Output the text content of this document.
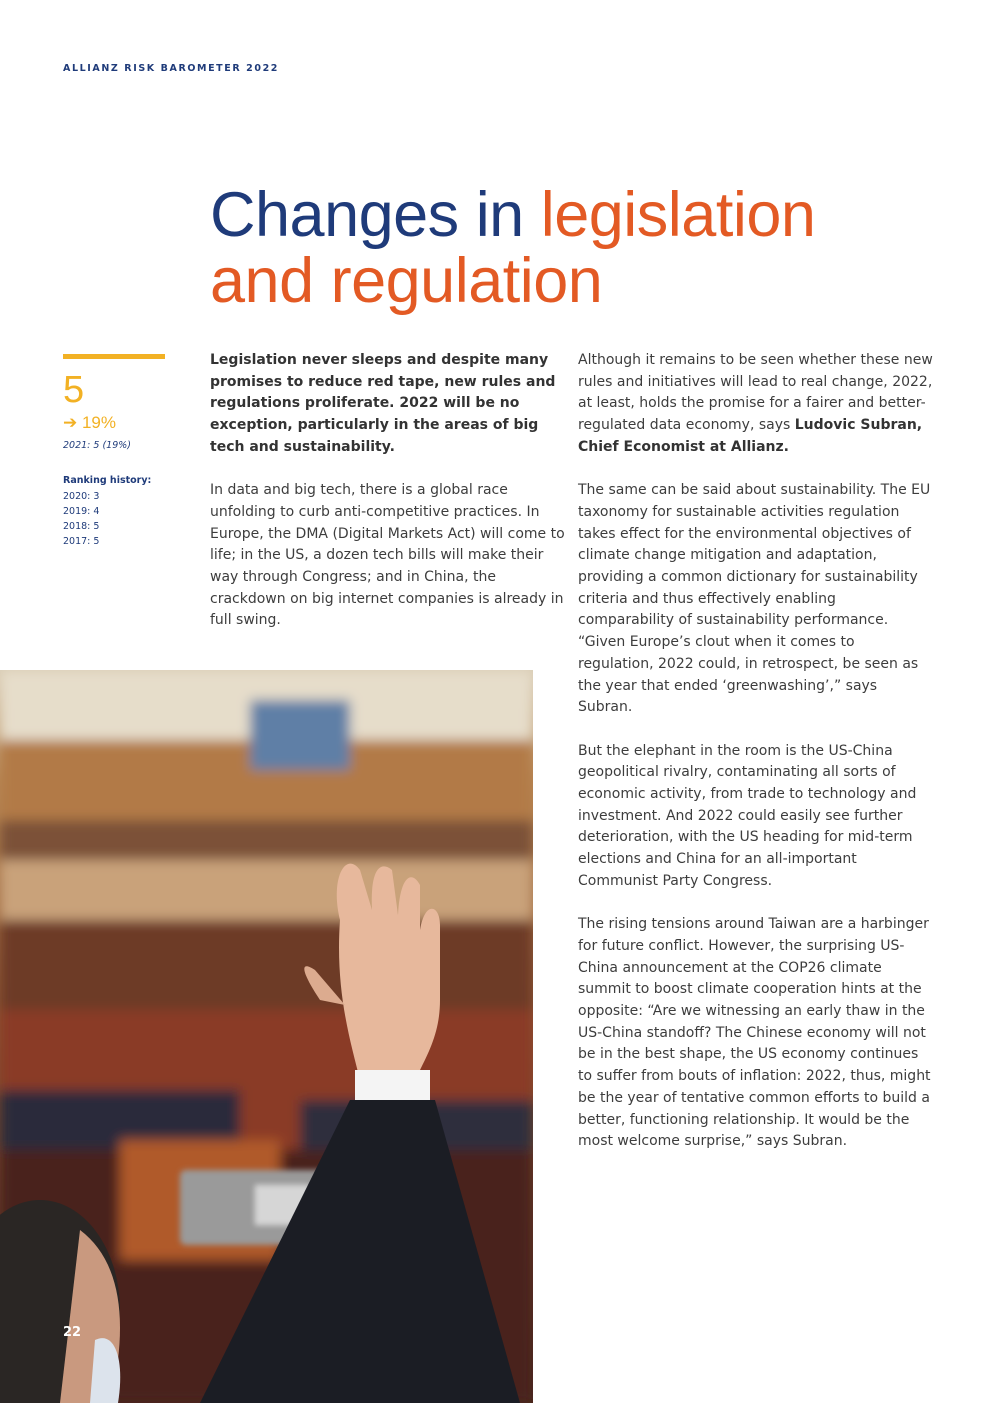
ALLIANZ RISK BAROMETER 2022
Changes in legislation
and regulation
5
➔ 19%
2021: 5 (19%)
Ranking history:
2020: 3
2019: 4
2018: 5
2017: 5

Legislation never sleeps and despite many promises to reduce red tape, new rules and regulations proliferate. 2022 will be no exception, particularly in the areas of big tech and sustainability.

In data and big tech, there is a global race unfolding to curb anti-competitive practices. In Europe, the DMA (Digital Markets Act) will come to life; in the US, a dozen tech bills will make their way through Congress; and in China, the crackdown on big internet companies is already in full swing.

Although it remains to be seen whether these new rules and initiatives will lead to real change, 2022, at least, holds the promise for a fairer and better-regulated data economy, says Ludovic Subran, Chief Economist at Allianz.

The same can be said about sustainability. The EU taxonomy for sustainable activities regulation takes effect for the environmental objectives of climate change mitigation and adaptation, providing a common dictionary for sustainability criteria and thus effectively enabling comparability of sustainability performance. “Given Europe’s clout when it comes to regulation, 2022 could, in retrospect, be seen as the year that ended ‘greenwashing’,” says Subran.

But the elephant in the room is the US-China geopolitical rivalry, contaminating all sorts of economic activity, from trade to technology and investment. And 2022 could easily see further deterioration, with the US heading for mid-term elections and China for an all-important Communist Party Congress.

The rising tensions around Taiwan are a harbinger for future conflict. However, the surprising US-China announcement at the COP26 climate summit to boost climate cooperation hints at the opposite: “Are we witnessing an early thaw in the US-China standoff? The Chinese economy will not be in the best shape, the US economy continues to suffer from bouts of inflation: 2022, thus, might be the year of tentative common efforts to build a better, functioning relationship. It would be the most welcome surprise,” says Subran.

22
